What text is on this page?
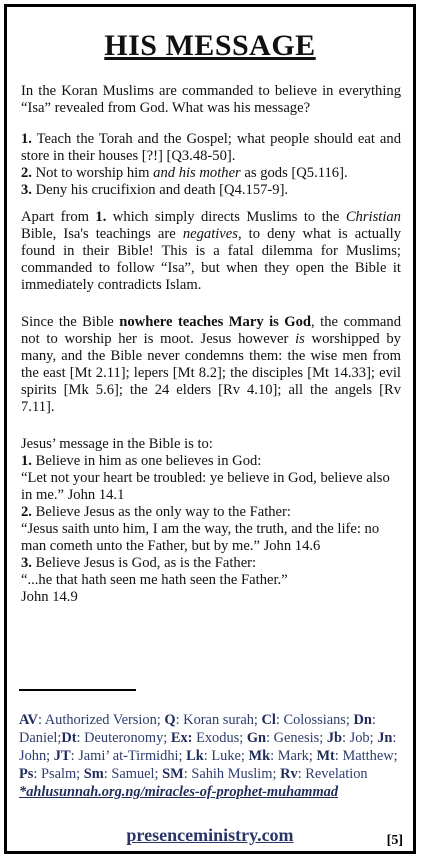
HIS MESSAGE

In the Koran Muslims are commanded to believe in everything “Isa” revealed from God. What was his message?

1. Teach the Torah and the Gospel; what people should eat and store in their houses [?!] [Q3.48-50].
2. Not to worship him and his mother as gods [Q5.116].
3. Deny his crucifixion and death [Q4.157-9].

Apart from 1. which simply directs Muslims to the Christian Bible, Isa's teachings are negatives, to deny what is actually found in their Bible! This is a fatal dilemma for Muslims; commanded to follow “Isa”, but when they open the Bible it immediately contradicts Islam.

Since the Bible nowhere teaches Mary is God, the command not to worship her is moot. Jesus however is worshipped by many, and the Bible never condemns them: the wise men from the east [Mt 2.11]; lepers [Mt 8.2]; the disciples [Mt 14.33]; evil spirits [Mk 5.6]; the 24 elders [Rv 4.10]; all the angels [Rv 7.11].

Jesus’ message in the Bible is to:
1. Believe in him as one believes in God:
“Let not your heart be troubled: ye believe in God, believe also in me.” John 14.1
2. Believe Jesus as the only way to the Father:
“Jesus saith unto him, I am the way, the truth, and the life: no man cometh unto the Father, but by me.” John 14.6
3. Believe Jesus is God, as is the Father:
“...he that hath seen me hath seen the Father.”
John 14.9
AV: Authorized Version; Q: Koran surah; Cl: Colossians; Dn: Daniel;Dt: Deuteronomy; Ex: Exodus; Gn: Genesis; Jb: Job; Jn: John; JT: Jami’ at-Tirmidhi; Lk: Luke; Mk: Mark; Mt: Matthew; Ps: Psalm; Sm: Samuel; SM: Sahih Muslim; Rv: Revelation
*ahlusunnah.org.ng/miracles-of-prophet-muhammad
presenceministry.com	[5]
